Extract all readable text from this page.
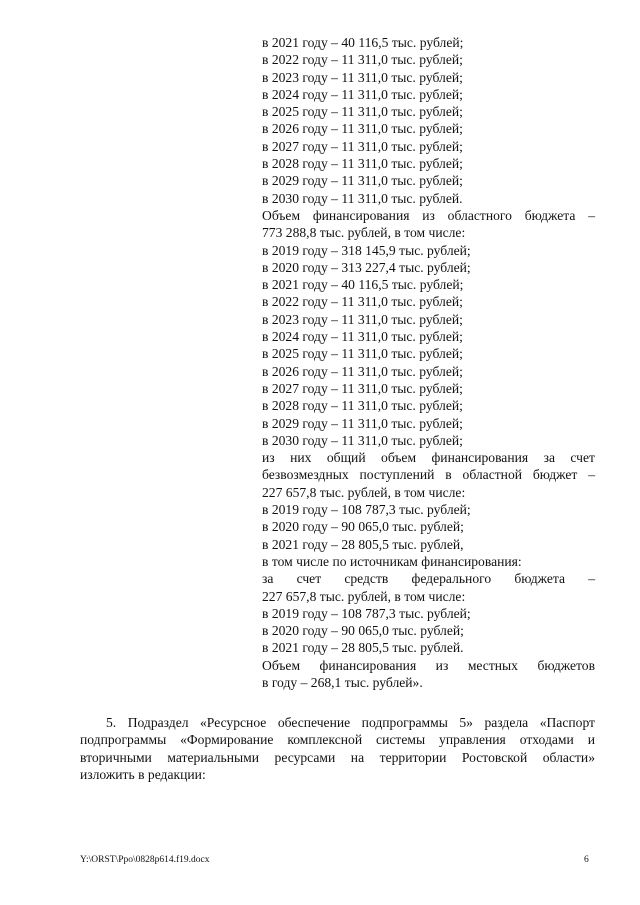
в 2021 году – 40 116,5 тыс. рублей;
в 2022 году – 11 311,0 тыс. рублей;
в 2023 году – 11 311,0 тыс. рублей;
в 2024 году – 11 311,0 тыс. рублей;
в 2025 году – 11 311,0 тыс. рублей;
в 2026 году – 11 311,0 тыс. рублей;
в 2027 году – 11 311,0 тыс. рублей;
в 2028 году – 11 311,0 тыс. рублей;
в 2029 году – 11 311,0 тыс. рублей;
в 2030 году – 11 311,0 тыс. рублей.
Объем финансирования из областного бюджета –
773 288,8 тыс. рублей, в том числе:
в 2019 году – 318 145,9 тыс. рублей;
в 2020 году – 313 227,4 тыс. рублей;
в 2021 году – 40 116,5 тыс. рублей;
в 2022 году – 11 311,0 тыс. рублей;
в 2023 году – 11 311,0 тыс. рублей;
в 2024 году – 11 311,0 тыс. рублей;
в 2025 году – 11 311,0 тыс. рублей;
в 2026 году – 11 311,0 тыс. рублей;
в 2027 году – 11 311,0 тыс. рублей;
в 2028 году – 11 311,0 тыс. рублей;
в 2029 году – 11 311,0 тыс. рублей;
в 2030 году – 11 311,0 тыс. рублей;
из них общий объем финансирования за счет
безвозмездных поступлений в областной бюджет –
227 657,8 тыс. рублей, в том числе:
в 2019 году – 108 787,3 тыс. рублей;
в 2020 году – 90 065,0 тыс. рублей;
в 2021 году – 28 805,5 тыс. рублей,
в том числе по источникам финансирования:
за счет средств федерального бюджета –
227 657,8 тыс. рублей, в том числе:
в 2019 году – 108 787,3 тыс. рублей;
в 2020 году – 90 065,0 тыс. рублей;
в 2021 году – 28 805,5 тыс. рублей.
Объем финансирования из местных бюджетов
в году – 268,1 тыс. рублей».
5. Подраздел «Ресурсное обеспечение подпрограммы 5» раздела «Паспорт
подпрограммы «Формирование комплексной системы управления отходами и
вторичными материальными ресурсами на территории Ростовской области»
изложить в редакции:
Y:\ORST\Ppo\0828p614.f19.docx	6
